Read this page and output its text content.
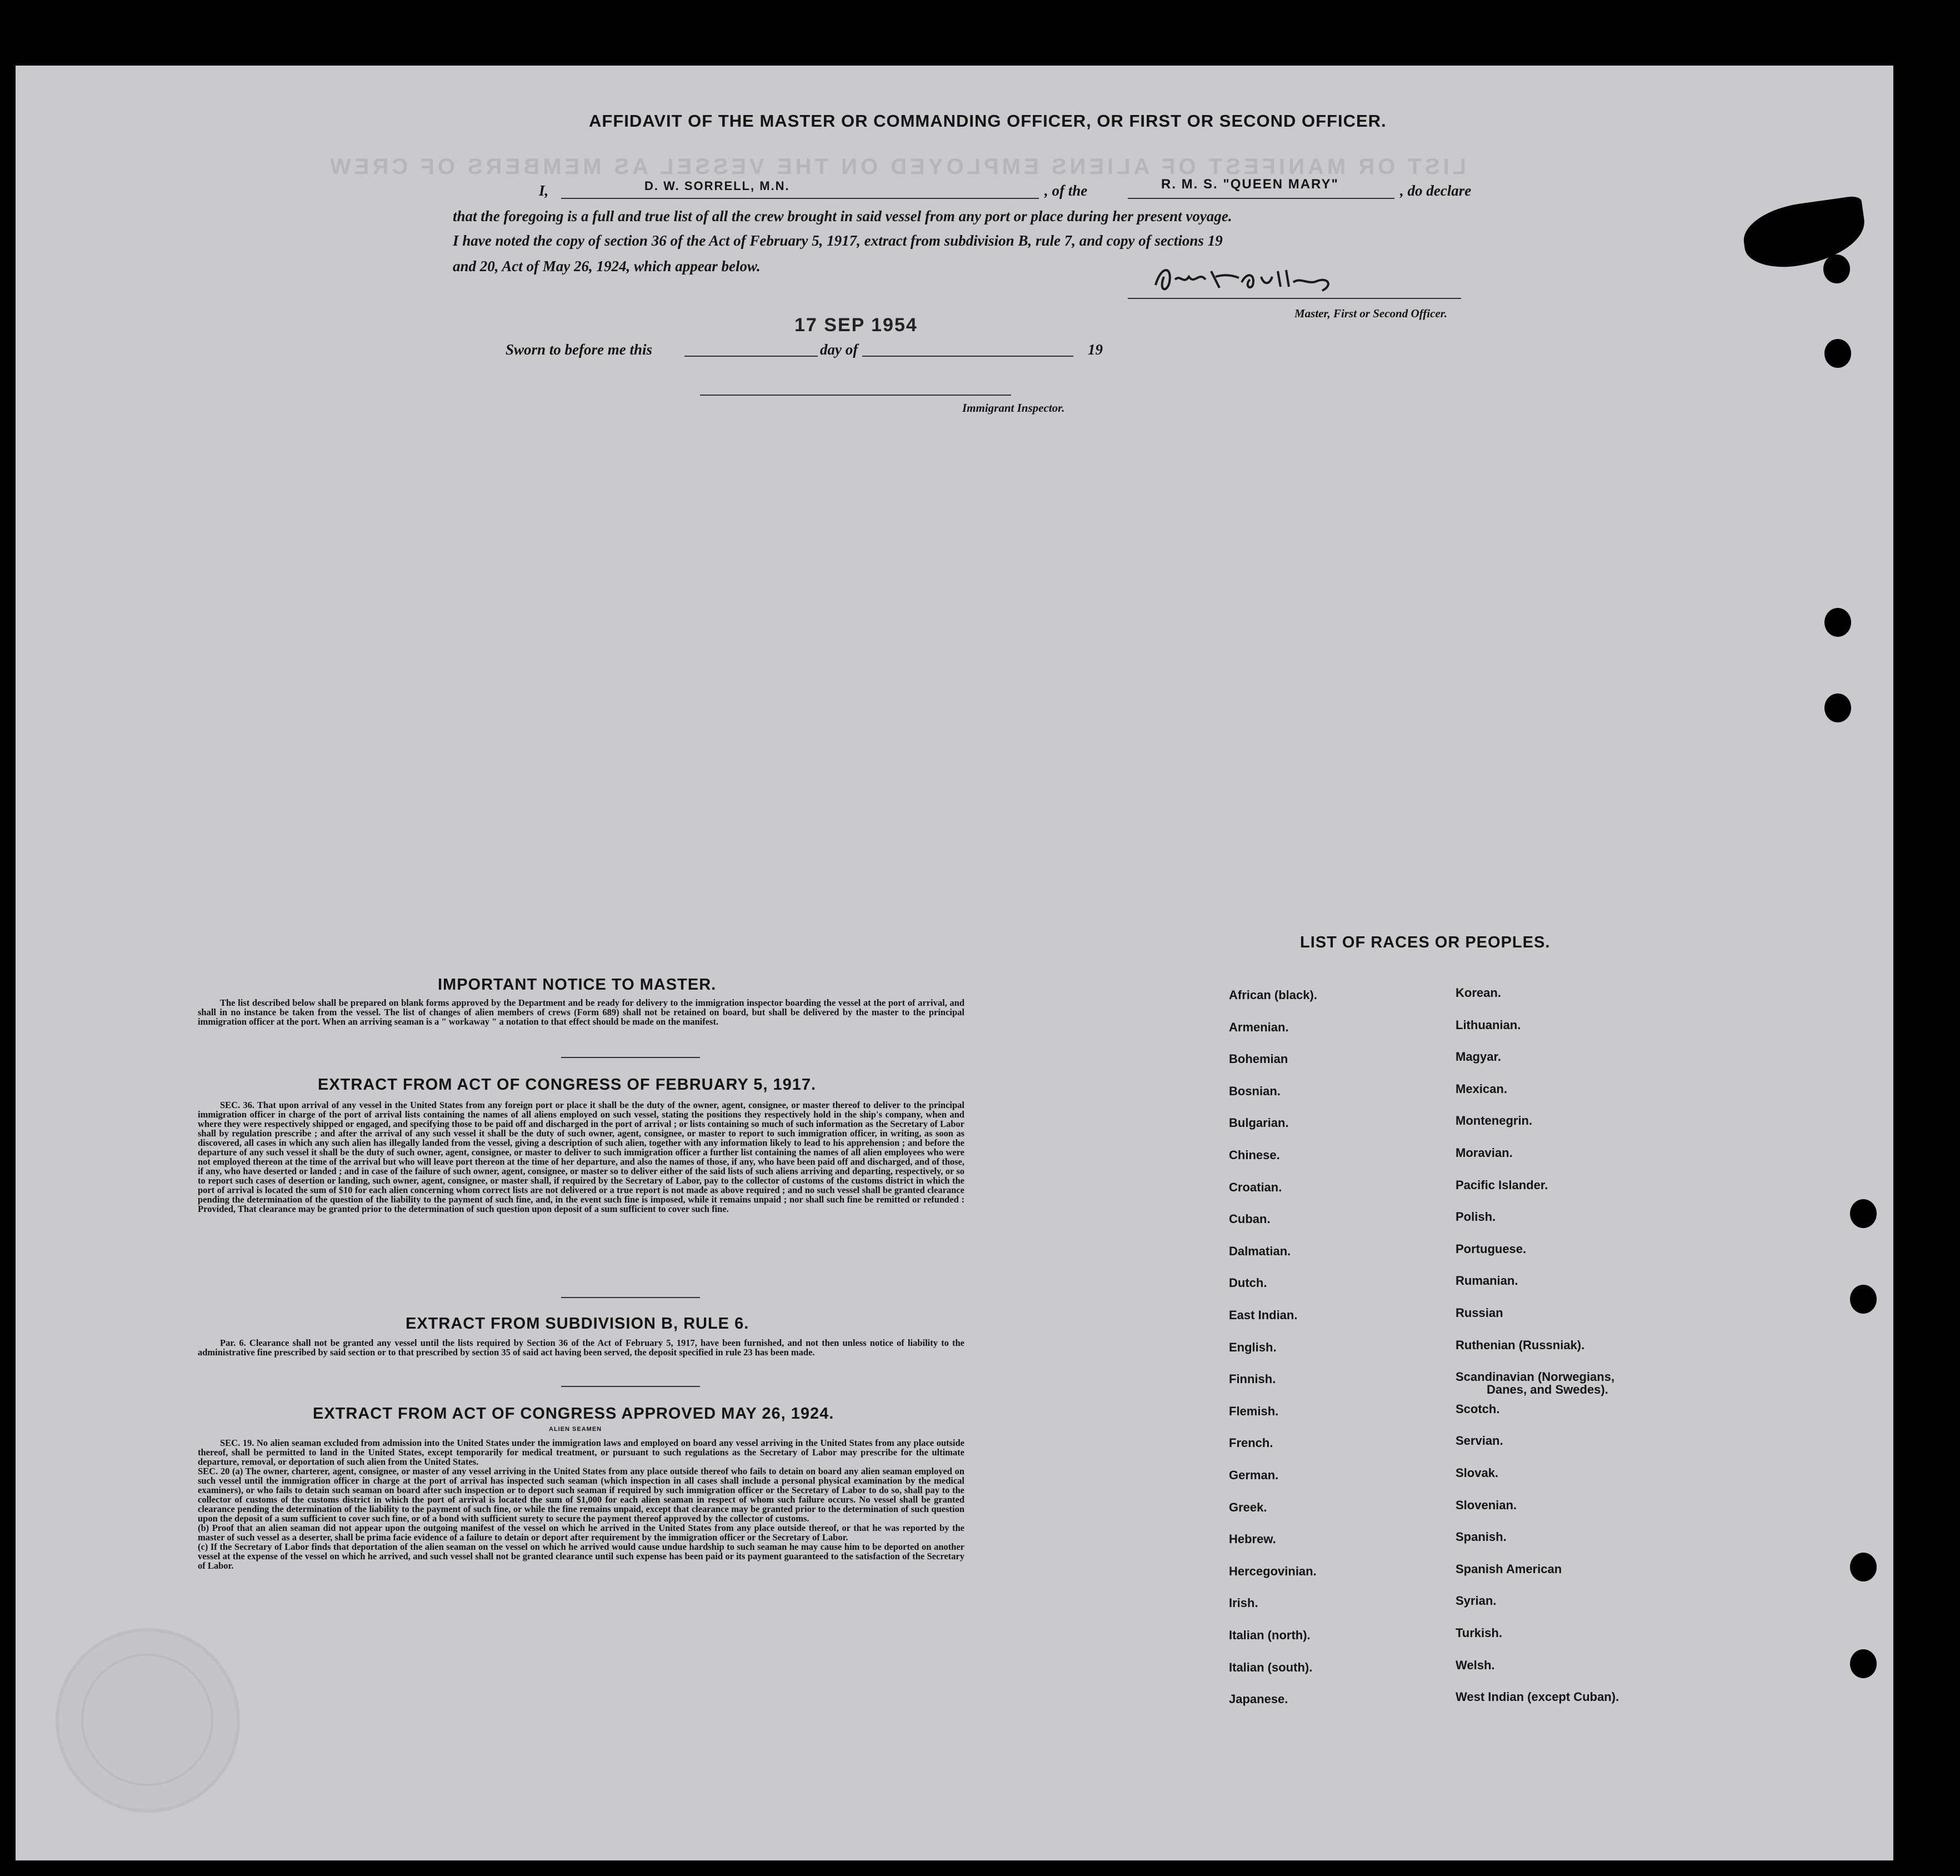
LIST OR MANIFEST OF ALIENS EMPLOYED ON THE VESSEL AS MEMBERS OF CREW
AFFIDAVIT OF THE MASTER OR COMMANDING OFFICER, OR FIRST OR SECOND OFFICER.
I,	D. W. SORRELL, M.N.	, of the	R. M. S. "QUEEN MARY"	, do declare
that the foregoing is a full and true list of all the crew brought in said vessel from any port or place during her present voyage.
I have noted the copy of section 36 of the Act of February 5, 1917, extract from subdivision B, rule 7, and copy of sections 19
and 20, Act of May 26, 1924, which appear below.
Master, First or Second Officer.
Sworn to before me this
17 SEP 1954
day of	19
Immigrant Inspector.
IMPORTANT NOTICE TO MASTER.
The list described below shall be prepared on blank forms approved by the Department and be ready for delivery to the immigration inspector boarding the vessel at the port of arrival, and shall in no instance be taken from the vessel. The list of changes of alien members of crews (Form 689) shall not be retained on board, but shall be delivered by the master to the principal immigration officer at the port. When an arriving seaman is a " workaway " a notation to that effect should be made on the manifest.
EXTRACT FROM ACT OF CONGRESS OF FEBRUARY 5, 1917.
SEC. 36. That upon arrival of any vessel in the United States from any foreign port or place it shall be the duty of the owner, agent, consignee, or master thereof to deliver to the principal immigration officer in charge of the port of arrival lists containing the names of all aliens employed on such vessel, stating the positions they respectively hold in the ship's company, when and where they were respectively shipped or engaged, and specifying those to be paid off and discharged in the port of arrival ; or lists containing so much of such information as the Secretary of Labor shall by regulation prescribe ; and after the arrival of any such vessel it shall be the duty of such owner, agent, consignee, or master to report to such immigration officer, in writing, as soon as discovered, all cases in which any such alien has illegally landed from the vessel, giving a description of such alien, together with any information likely to lead to his apprehension ; and before the departure of any such vessel it shall be the duty of such owner, agent, consignee, or master to deliver to such immigration officer a further list containing the names of all alien employees who were not employed thereon at the time of the arrival but who will leave port thereon at the time of her departure, and also the names of those, if any, who have been paid off and discharged, and of those, if any, who have deserted or landed ; and in case of the failure of such owner, agent, consignee, or master so to deliver either of the said lists of such aliens arriving and departing, respectively, or so to report such cases of desertion or landing, such owner, agent, consignee, or master shall, if required by the Secretary of Labor, pay to the collector of customs of the customs district in which the port of arrival is located the sum of $10 for each alien concerning whom correct lists are not delivered or a true report is not made as above required ; and no such vessel shall be granted clearance pending the determination of the question of the liability to the payment of such fine, and, in the event such fine is imposed, while it remains unpaid ; nor shall such fine be remitted or refunded : Provided, That clearance may be granted prior to the determination of such question upon deposit of a sum sufficient to cover such fine.
EXTRACT FROM SUBDIVISION B, RULE 6.
Par. 6. Clearance shall not be granted any vessel until the lists required by Section 36 of the Act of February 5, 1917, have been furnished, and not then unless notice of liability to the administrative fine prescribed by said section or to that prescribed by section 35 of said act having been served, the deposit specified in rule 23 has been made.
EXTRACT FROM ACT OF CONGRESS APPROVED MAY 26, 1924.
ALIEN SEAMEN
SEC. 19. No alien seaman excluded from admission into the United States under the immigration laws and employed on board any vessel arriving in the United States from any place outside thereof, shall be permitted to land in the United States, except temporarily for medical treatment, or pursuant to such regulations as the Secretary of Labor may prescribe for the ultimate departure, removal, or deportation of such alien from the United States.
SEC. 20 (a) The owner, charterer, agent, consignee, or master of any vessel arriving in the United States from any place outside thereof who fails to detain on board any alien seaman employed on such vessel until the immigration officer in charge at the port of arrival has inspected such seaman (which inspection in all cases shall include a personal physical examination by the medical examiners), or who fails to detain such seaman on board after such inspection or to deport such seaman if required by such immigration officer or the Secretary of Labor to do so, shall pay to the collector of customs of the customs district in which the port of arrival is located the sum of $1,000 for each alien seaman in respect of whom such failure occurs. No vessel shall be granted clearance pending the determination of the liability to the payment of such fine, or while the fine remains unpaid, except that clearance may be granted prior to the determination of such question upon the deposit of a sum sufficient to cover such fine, or of a bond with sufficient surety to secure the payment thereof approved by the collector of customs.
(b) Proof that an alien seaman did not appear upon the outgoing manifest of the vessel on which he arrived in the United States from any place outside thereof, or that he was reported by the master of such vessel as a deserter, shall be prima facie evidence of a failure to detain or deport after requirement by the immigration officer or the Secretary of Labor.
(c) If the Secretary of Labor finds that deportation of the alien seaman on the vessel on which he arrived would cause undue hardship to such seaman he may cause him to be deported on another vessel at the expense of the vessel on which he arrived, and such vessel shall not be granted clearance until such expense has been paid or its payment guaranteed to the satisfaction of the Secretary of Labor.
LIST OF RACES OR PEOPLES.
African (black).
Armenian.
Bohemian
Bosnian.
Bulgarian.
Chinese.
Croatian.
Cuban.
Dalmatian.
Dutch.
East Indian.
English.
Finnish.
Flemish.
French.
German.
Greek.
Hebrew.
Hercegovinian.
Irish.
Italian (north).
Italian (south).
Japanese.
Korean.
Lithuanian.
Magyar.
Mexican.
Montenegrin.
Moravian.
Pacific Islander.
Polish.
Portuguese.
Rumanian.
Russian
Ruthenian (Russniak).
Scandinavian (Norwegians,
Scotch.
Servian.
Slovak.
Slovenian.
Spanish.
Spanish American
Syrian.
Turkish.
Welsh.
West Indian (except Cuban).
Danes, and Swedes).
